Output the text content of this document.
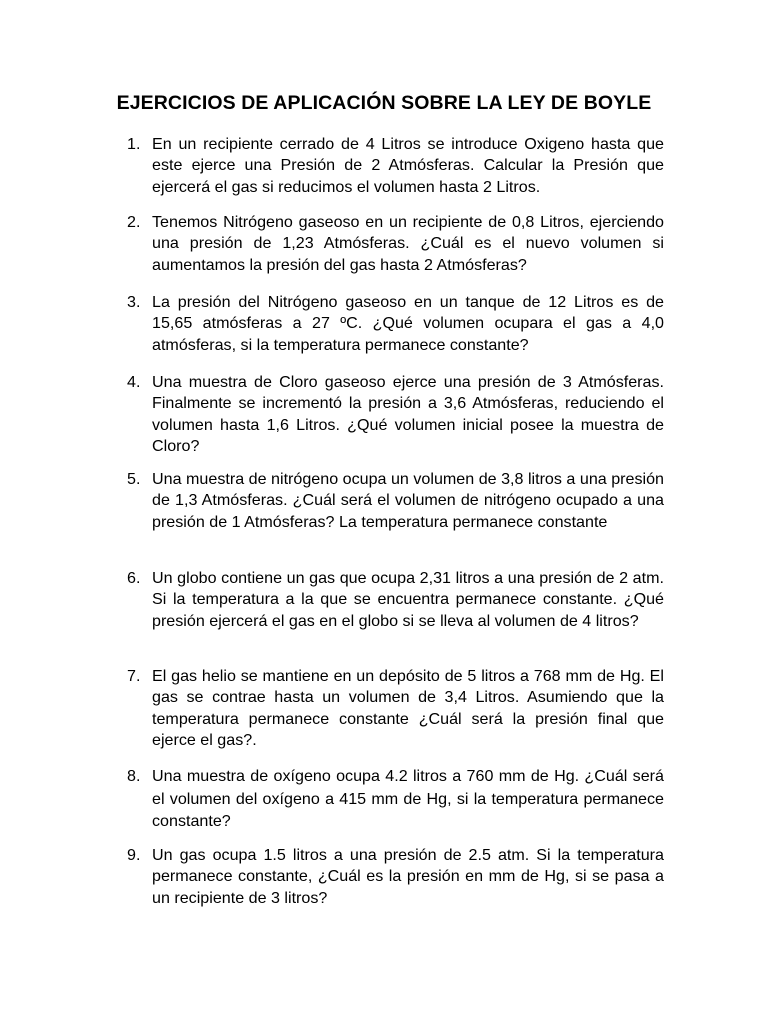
EJERCICIOS DE APLICACIÓN SOBRE LA LEY DE BOYLE
1. En un recipiente cerrado de 4 Litros se introduce Oxigeno hasta que este ejerce una Presión de 2 Atmósferas. Calcular la Presión que ejercerá el gas si reducimos el volumen hasta 2 Litros.
2. Tenemos Nitrógeno gaseoso en un recipiente de 0,8 Litros, ejerciendo una presión de 1,23 Atmósferas. ¿Cuál es el nuevo volumen si aumentamos la presión del gas hasta 2 Atmósferas?
3. La presión del Nitrógeno gaseoso en un tanque de 12 Litros es de 15,65 atmósferas a 27 ºC. ¿Qué volumen ocupara el gas a 4,0 atmósferas, si la temperatura permanece constante?
4. Una muestra de Cloro gaseoso ejerce una presión de 3 Atmósferas. Finalmente se incrementó la presión a 3,6 Atmósferas, reduciendo el volumen hasta 1,6 Litros. ¿Qué volumen inicial posee la muestra de Cloro?
5. Una muestra de nitrógeno ocupa un volumen de 3,8 litros a una presión de 1,3 Atmósferas. ¿Cuál será el volumen de nitrógeno ocupado a una presión de 1 Atmósferas? La temperatura permanece constante
6. Un globo contiene un gas que ocupa 2,31 litros a una presión de 2 atm. Si la temperatura a la que se encuentra permanece constante. ¿Qué presión ejercerá el gas en el globo si se lleva al volumen de 4 litros?
7. El gas helio se mantiene en un depósito de 5 litros a 768 mm de Hg. El gas se contrae hasta un volumen de 3,4 Litros. Asumiendo que la temperatura permanece constante ¿Cuál será la presión final que ejerce el gas?.
8. Una muestra de oxígeno ocupa 4.2 litros a 760 mm de Hg. ¿Cuál será el volumen del oxígeno a 415 mm de Hg, si la temperatura permanece constante?
9. Un gas ocupa 1.5 litros a una presión de 2.5 atm. Si la temperatura permanece constante, ¿Cuál es la presión en mm de Hg, si se pasa a un recipiente de 3 litros?
